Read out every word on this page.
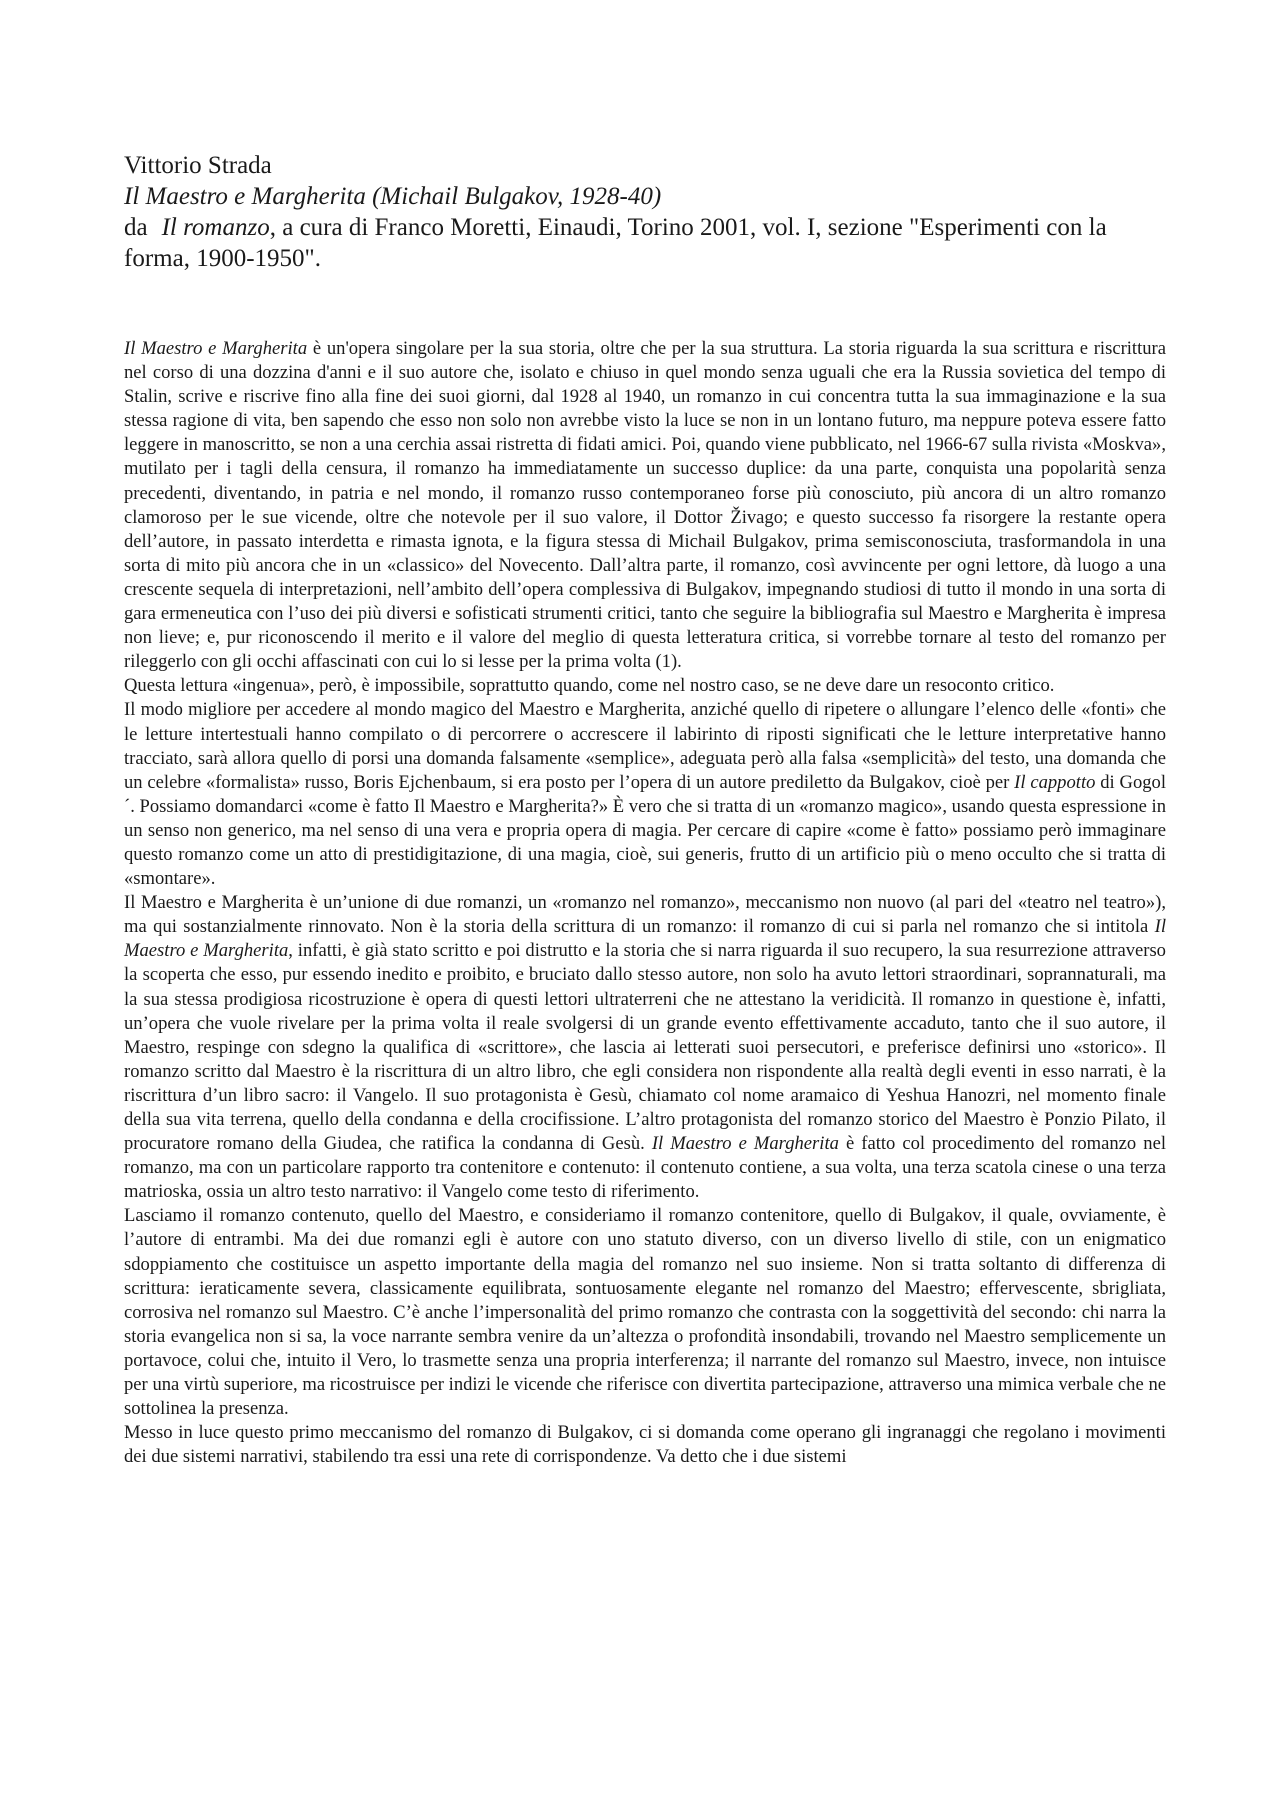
Vittorio Strada
Il Maestro e Margherita (Michail Bulgakov, 1928-40)
da Il romanzo, a cura di Franco Moretti, Einaudi, Torino 2001, vol. I, sezione "Esperimenti con la forma, 1900-1950".

Il Maestro e Margherita è un'opera singolare per la sua storia, oltre che per la sua struttura. La storia riguarda la sua scrittura e riscrittura nel corso di una dozzina d'anni e il suo autore che, isolato e chiuso in quel mondo senza uguali che era la Russia sovietica del tempo di Stalin, scrive e riscrive fino alla fine dei suoi giorni, dal 1928 al 1940, un romanzo in cui concentra tutta la sua immaginazione e la sua stessa ragione di vita, ben sapendo che esso non solo non avrebbe visto la luce se non in un lontano futuro, ma neppure poteva essere fatto leggere in manoscritto, se non a una cerchia assai ristretta di fidati amici. Poi, quando viene pubblicato, nel 1966-67 sulla rivista «Moskva», mutilato per i tagli della censura, il romanzo ha immediatamente un successo duplice: da una parte, conquista una popolarità senza precedenti, diventando, in patria e nel mondo, il romanzo russo contemporaneo forse più conosciuto, più ancora di un altro romanzo clamoroso per le sue vicende, oltre che notevole per il suo valore, il Dottor Živago; e questo successo fa risorgere la restante opera dell’autore, in passato interdetta e rimasta ignota, e la figura stessa di Michail Bulgakov, prima semisconosciuta, trasformandola in una sorta di mito più ancora che in un «classico» del Novecento. Dall’altra parte, il romanzo, così avvincente per ogni lettore, dà luogo a una crescente sequela di interpretazioni, nell’ambito dell’opera complessiva di Bulgakov, impegnando studiosi di tutto il mondo in una sorta di gara ermeneutica con l’uso dei più diversi e sofisticati strumenti critici, tanto che seguire la bibliografia sul Maestro e Margherita è impresa non lieve; e, pur riconoscendo il merito e il valore del meglio di questa letteratura critica, si vorrebbe tornare al testo del romanzo per rileggerlo con gli occhi affascinati con cui lo si lesse per la prima volta (1).

Questa lettura «ingenua», però, è impossibile, soprattutto quando, come nel nostro caso, se ne deve dare un resoconto critico.

Il modo migliore per accedere al mondo magico del Maestro e Margherita, anziché quello di ripetere o allungare l’elenco delle «fonti» che le letture intertestuali hanno compilato o di percorrere o accrescere il labirinto di riposti significati che le letture interpretative hanno tracciato, sarà allora quello di porsi una domanda falsamente «semplice», adeguata però alla falsa «semplicità» del testo, una domanda che un celebre «formalista» russo, Boris Ejchenbaum, si era posto per l’opera di un autore prediletto da Bulgakov, cioè per Il cappotto di Gogol´. Possiamo domandarci «come è fatto Il Maestro e Margherita?» È vero che si tratta di un «romanzo magico», usando questa espressione in un senso non generico, ma nel senso di una vera e propria opera di magia. Per cercare di capire «come è fatto» possiamo però immaginare questo romanzo come un atto di prestidigitazione, di una magia, cioè, sui generis, frutto di un artificio più o meno occulto che si tratta di «smontare».

Il Maestro e Margherita è un’unione di due romanzi, un «romanzo nel romanzo», meccanismo non nuovo (al pari del «teatro nel teatro»), ma qui sostanzialmente rinnovato. Non è la storia della scrittura di un romanzo: il romanzo di cui si parla nel romanzo che si intitola Il Maestro e Margherita, infatti, è già stato scritto e poi distrutto e la storia che si narra riguarda il suo recupero, la sua resurrezione attraverso la scoperta che esso, pur essendo inedito e proibito, e bruciato dallo stesso autore, non solo ha avuto lettori straordinari, soprannaturali, ma la sua stessa prodigiosa ricostruzione è opera di questi lettori ultraterreni che ne attestano la veridicità. Il romanzo in questione è, infatti, un’opera che vuole rivelare per la prima volta il reale svolgersi di un grande evento effettivamente accaduto, tanto che il suo autore, il Maestro, respinge con sdegno la qualifica di «scrittore», che lascia ai letterati suoi persecutori, e preferisce definirsi uno «storico». Il romanzo scritto dal Maestro è la riscrittura di un altro libro, che egli considera non rispondente alla realtà degli eventi in esso narrati, è la riscrittura d’un libro sacro: il Vangelo. Il suo protagonista è Gesù, chiamato col nome aramaico di Yeshua Hanozri, nel momento finale della sua vita terrena, quello della condanna e della crocifissione. L’altro protagonista del romanzo storico del Maestro è Ponzio Pilato, il procuratore romano della Giudea, che ratifica la condanna di Gesù. Il Maestro e Margherita è fatto col procedimento del romanzo nel romanzo, ma con un particolare rapporto tra contenitore e contenuto: il contenuto contiene, a sua volta, una terza scatola cinese o una terza matrioska, ossia un altro testo narrativo: il Vangelo come testo di riferimento.

Lasciamo il romanzo contenuto, quello del Maestro, e consideriamo il romanzo contenitore, quello di Bulgakov, il quale, ovviamente, è l’autore di entrambi. Ma dei due romanzi egli è autore con uno statuto diverso, con un diverso livello di stile, con un enigmatico sdoppiamento che costituisce un aspetto importante della magia del romanzo nel suo insieme. Non si tratta soltanto di differenza di scrittura: ieraticamente severa, classicamente equilibrata, sontuosamente elegante nel romanzo del Maestro; effervescente, sbrigliata, corrosiva nel romanzo sul Maestro. C’è anche l’impersonalità del primo romanzo che contrasta con la soggettività del secondo: chi narra la storia evangelica non si sa, la voce narrante sembra venire da un’altezza o profondità insondabili, trovando nel Maestro semplicemente un portavoce, colui che, intuito il Vero, lo trasmette senza una propria interferenza; il narrante del romanzo sul Maestro, invece, non intuisce per una virtù superiore, ma ricostruisce per indizi le vicende che riferisce con divertita partecipazione, attraverso una mimica verbale che ne sottolinea la presenza.

Messo in luce questo primo meccanismo del romanzo di Bulgakov, ci si domanda come operano gli ingranaggi che regolano i movimenti dei due sistemi narrativi, stabilendo tra essi una rete di corrispondenze. Va detto che i due sistemi
